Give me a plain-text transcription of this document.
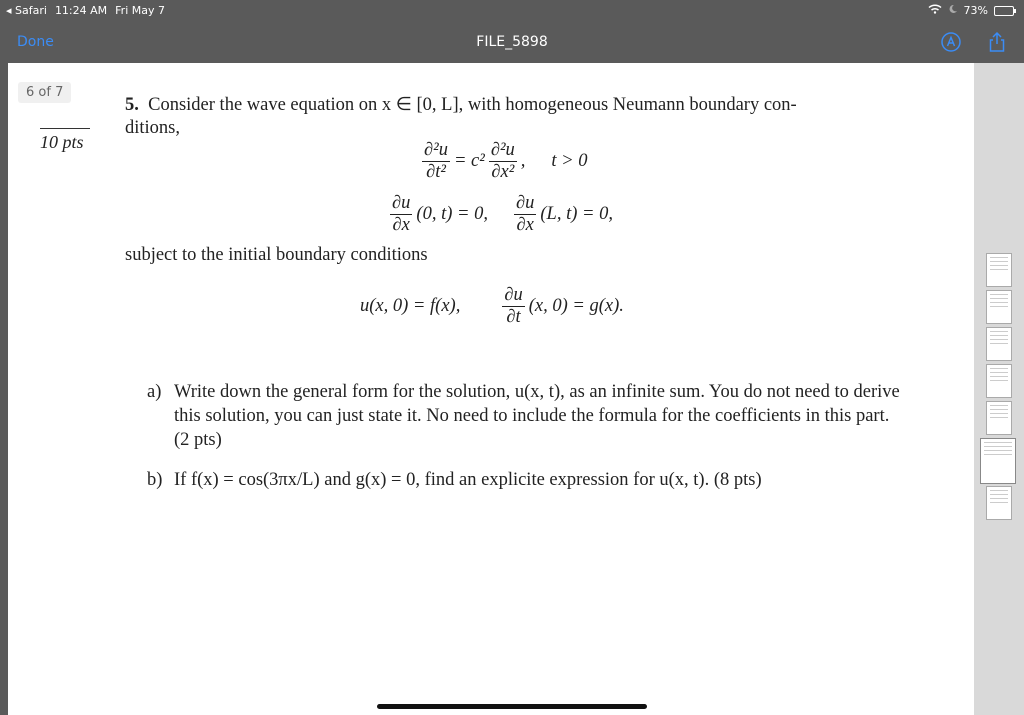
◂ Safari 11:24 AM Fri May 7	73%
Done	FILE_5898
6 of 7
10 pts
5. Consider the wave equation on x ∈ [0, L], with homogeneous Neumann boundary con-
ditions,
$\frac{\text{∂²u}}{\text{∂t²}} = c^2 \frac{\text{∂²u}}{\text{∂x²}}$ , t > 0
$\frac{\partial u}{\partial x} (0$, t) = 0, $\frac{\partial u}{\partial x} (L$, t) = 0,
subject to the initial boundary conditions
u(x, 0) = f(x), $\frac{\partial u}{\partial t} (x$, 0) = g(x).
a) Write down the general form for the solution, u(x, t), as an infinite sum. You do not need to derive this solution, you can just state it. No need to include the formula for the coefficients in this part. (2 pts)
b) If f(x) = cos(3πx/L) and g(x) = 0, find an explicite expression for u(x, t). (8 pts)
